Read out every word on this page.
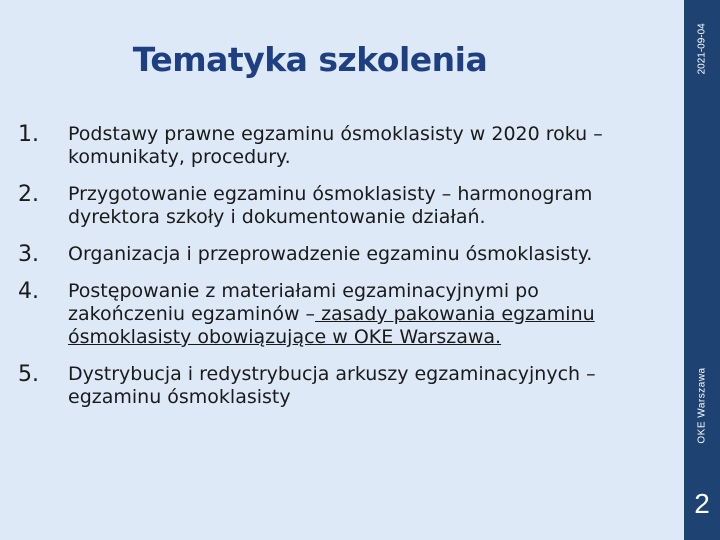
Tematyka szkolenia	2021-09-04
OKE Warszawa
2
1. Podstawy prawne egzaminu ósmoklasisty w 2020 roku – komunikaty, procedury.
2. Przygotowanie egzaminu ósmoklasisty – harmonogram dyrektora szkoły i dokumentowanie działań.
3. Organizacja i przeprowadzenie egzaminu ósmoklasisty.
4. Postępowanie z materiałami egzaminacyjnymi po zakończeniu egzaminów – zasady pakowania egzaminu ósmoklasisty obowiązujące w OKE Warszawa.
5. Dystrybucja i redystrybucja arkuszy egzaminacyjnych – egzaminu ósmoklasisty
